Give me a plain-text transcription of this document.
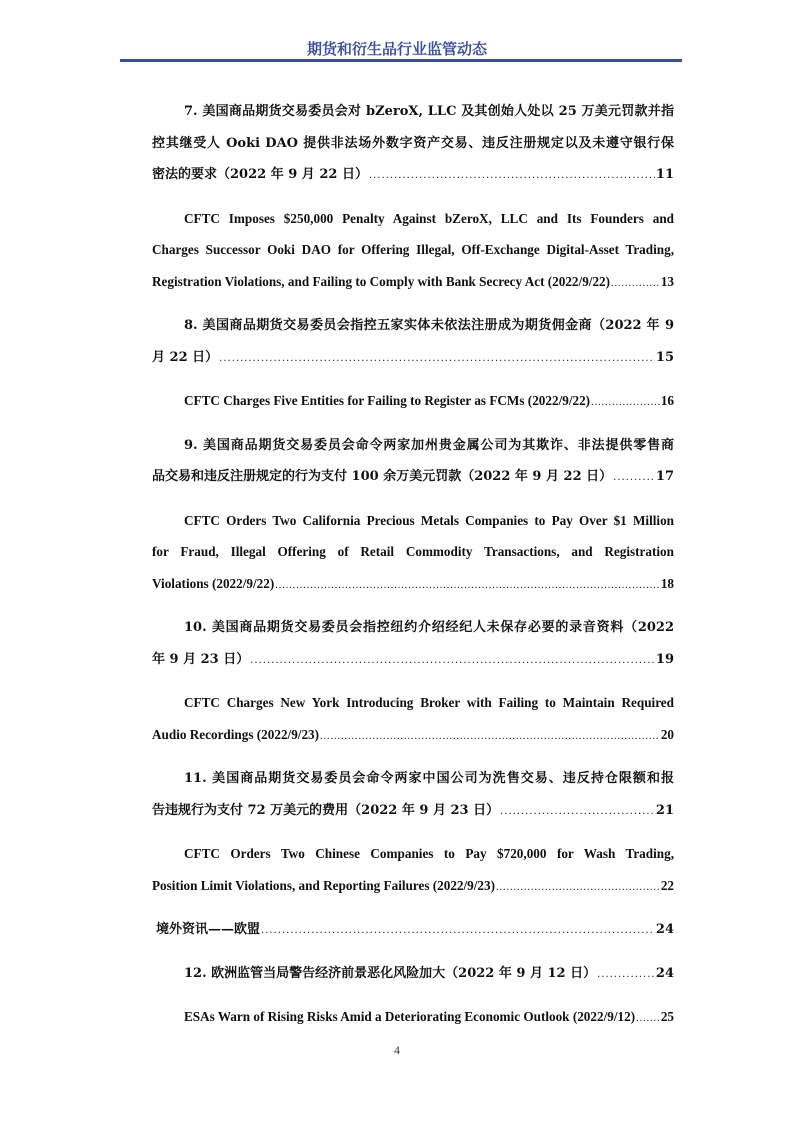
期货和衍生品行业监管动态
7. 美国商品期货交易委员会对 bZeroX, LLC 及其创始人处以 25 万美元罚款并指
控其继受人 Ooki DAO 提供非法场外数字资产交易、违反注册规定以及未遵守银行保
密法的要求（2022 年 9 月 22 日） .....	11
CFTC Imposes $250,000 Penalty Against bZeroX, LLC and Its Founders and
Charges Successor Ooki DAO for Offering Illegal, Off-Exchange Digital-Asset Trading,
Registration Violations, and Failing to Comply with Bank Secrecy Act (2022/9/22) .....	13
8. 美国商品期货交易委员会指控五家实体未依法注册成为期货佣金商（2022 年 9
月 22 日） .....	15
CFTC Charges Five Entities for Failing to Register as FCMs (2022/9/22) .....	16
9. 美国商品期货交易委员会命令两家加州贵金属公司为其欺诈、非法提供零售商
品交易和违反注册规定的行为支付 100 余万美元罚款（2022 年 9 月 22 日） .....	17
CFTC Orders Two California Precious Metals Companies to Pay Over $1 Million
for Fraud, Illegal Offering of Retail Commodity Transactions, and Registration
Violations (2022/9/22) .....	18
10. 美国商品期货交易委员会指控纽约介绍经纪人未保存必要的录音资料（2022
年 9 月 23 日） .....	19
CFTC Charges New York Introducing Broker with Failing to Maintain Required
Audio Recordings (2022/9/23) .....	20
11. 美国商品期货交易委员会命令两家中国公司为洗售交易、违反持仓限额和报
告违规行为支付 72 万美元的费用（2022 年 9 月 23 日） .....	21
CFTC Orders Two Chinese Companies to Pay $720,000 for Wash Trading,
Position Limit Violations, and Reporting Failures (2022/9/23) .....	22
境外资讯——欧盟 .....	24
12. 欧洲监管当局警告经济前景恶化风险加大（2022 年 9 月 12 日） .....	24
ESAs Warn of Rising Risks Amid a Deteriorating Economic Outlook (2022/9/12) ..... 25
4
